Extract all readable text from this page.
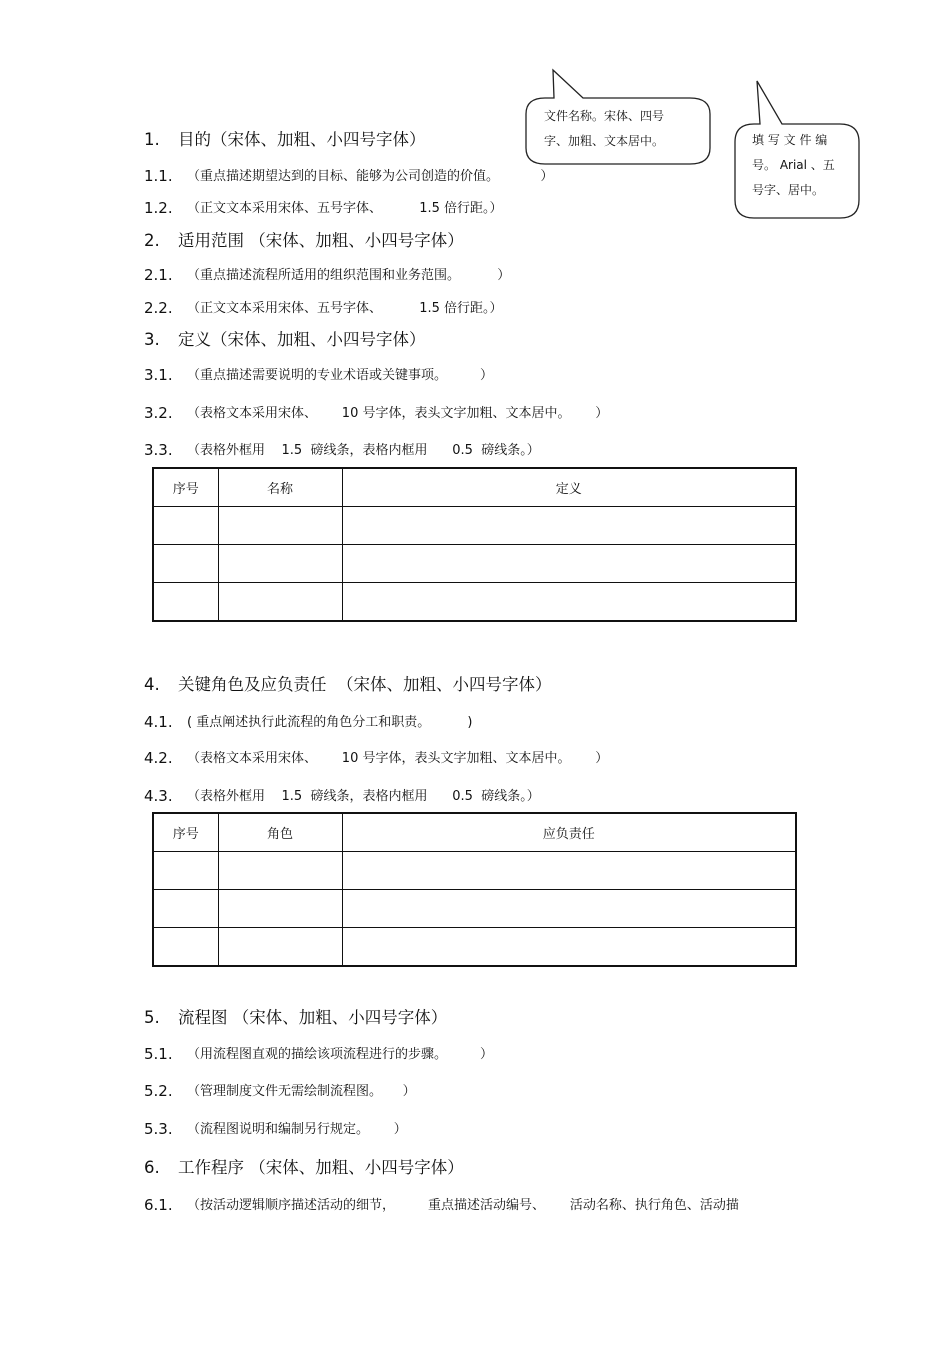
文件名称。宋体、四号
字、加粗、文本居中。	填 写 文 件 编
号。 Arial 、五
号字、居中。
1. 目的（宋体、加粗、小四号字体）
1.1. （重点描述期望达到的目标、能够为公司创造的价值。          ）
1.2. （正文文本采用宋体、五号字体、         1.5 倍行距。）
2. 适用范围 （宋体、加粗、小四号字体）
2.1. （重点描述流程所适用的组织范围和业务范围。         ）
2.2. （正文文本采用宋体、五号字体、         1.5 倍行距。）
3. 定义（宋体、加粗、小四号字体）
3.1. （重点描述需要说明的专业术语或关键事项。        ）
3.2. （表格文本采用宋体、      10 号字体，表头文字加粗、文本居中。      ）
3.3. （表格外框用    1.5  磅线条，表格内框用      0.5  磅线条。）
序号	名称	定义

4. 关键角色及应负责任  （宋体、加粗、小四号字体）
4.1. ( 重点阐述执行此流程的角色分工和职责。         )
4.2. （表格文本采用宋体、      10 号字体，表头文字加粗、文本居中。      ）
4.3. （表格外框用    1.5  磅线条，表格内框用      0.5  磅线条。）
序号	角色	应负责任

5. 流程图 （宋体、加粗、小四号字体）
5.1. （用流程图直观的描绘该项流程进行的步骤。        ）
5.2. （管理制度文件无需绘制流程图。     ）
5.3. （流程图说明和编制另行规定。      ）
6. 工作程序 （宋体、加粗、小四号字体）
6.1. （按活动逻辑顺序描述活动的细节，        重点描述活动编号、      活动名称、执行角色、活动描
